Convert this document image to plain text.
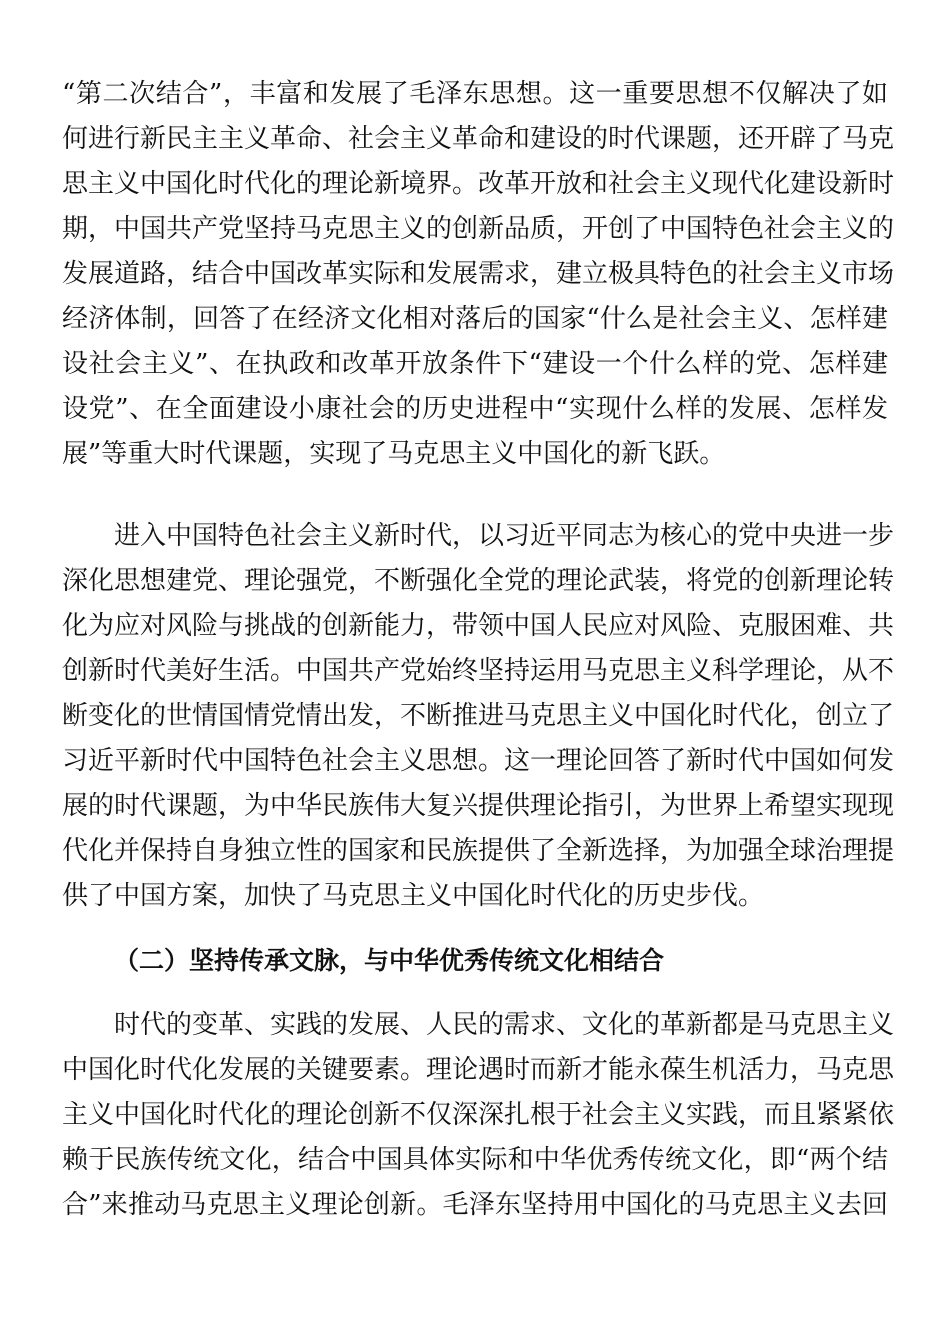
“第二次结合”，丰富和发展了毛泽东思想。这一重要思想不仅解决了如
何进行新民主主义革命、社会主义革命和建设的时代课题，还开辟了马克
思主义中国化时代化的理论新境界。改革开放和社会主义现代化建设新时
期，中国共产党坚持马克思主义的创新品质，开创了中国特色社会主义的
发展道路，结合中国改革实际和发展需求，建立极具特色的社会主义市场
经济体制，回答了在经济文化相对落后的国家“什么是社会主义、怎样建
设社会主义”、在执政和改革开放条件下“建设一个什么样的党、怎样建
设党”、在全面建设小康社会的历史进程中“实现什么样的发展、怎样发
展”等重大时代课题，实现了马克思主义中国化的新飞跃。
进入中国特色社会主义新时代，以习近平同志为核心的党中央进一步
深化思想建党、理论强党，不断强化全党的理论武装，将党的创新理论转
化为应对风险与挑战的创新能力，带领中国人民应对风险、克服困难、共
创新时代美好生活。中国共产党始终坚持运用马克思主义科学理论，从不
断变化的世情国情党情出发，不断推进马克思主义中国化时代化，创立了
习近平新时代中国特色社会主义思想。这一理论回答了新时代中国如何发
展的时代课题，为中华民族伟大复兴提供理论指引，为世界上希望实现现
代化并保持自身独立性的国家和民族提供了全新选择，为加强全球治理提
供了中国方案，加快了马克思主义中国化时代化的历史步伐。
（二）坚持传承文脉，与中华优秀传统文化相结合
时代的变革、实践的发展、人民的需求、文化的革新都是马克思主义
中国化时代化发展的关键要素。理论遇时而新才能永葆生机活力，马克思
主义中国化时代化的理论创新不仅深深扎根于社会主义实践，而且紧紧依
赖于民族传统文化，结合中国具体实际和中华优秀传统文化，即“两个结
合”来推动马克思主义理论创新。毛泽东坚持用中国化的马克思主义去回
